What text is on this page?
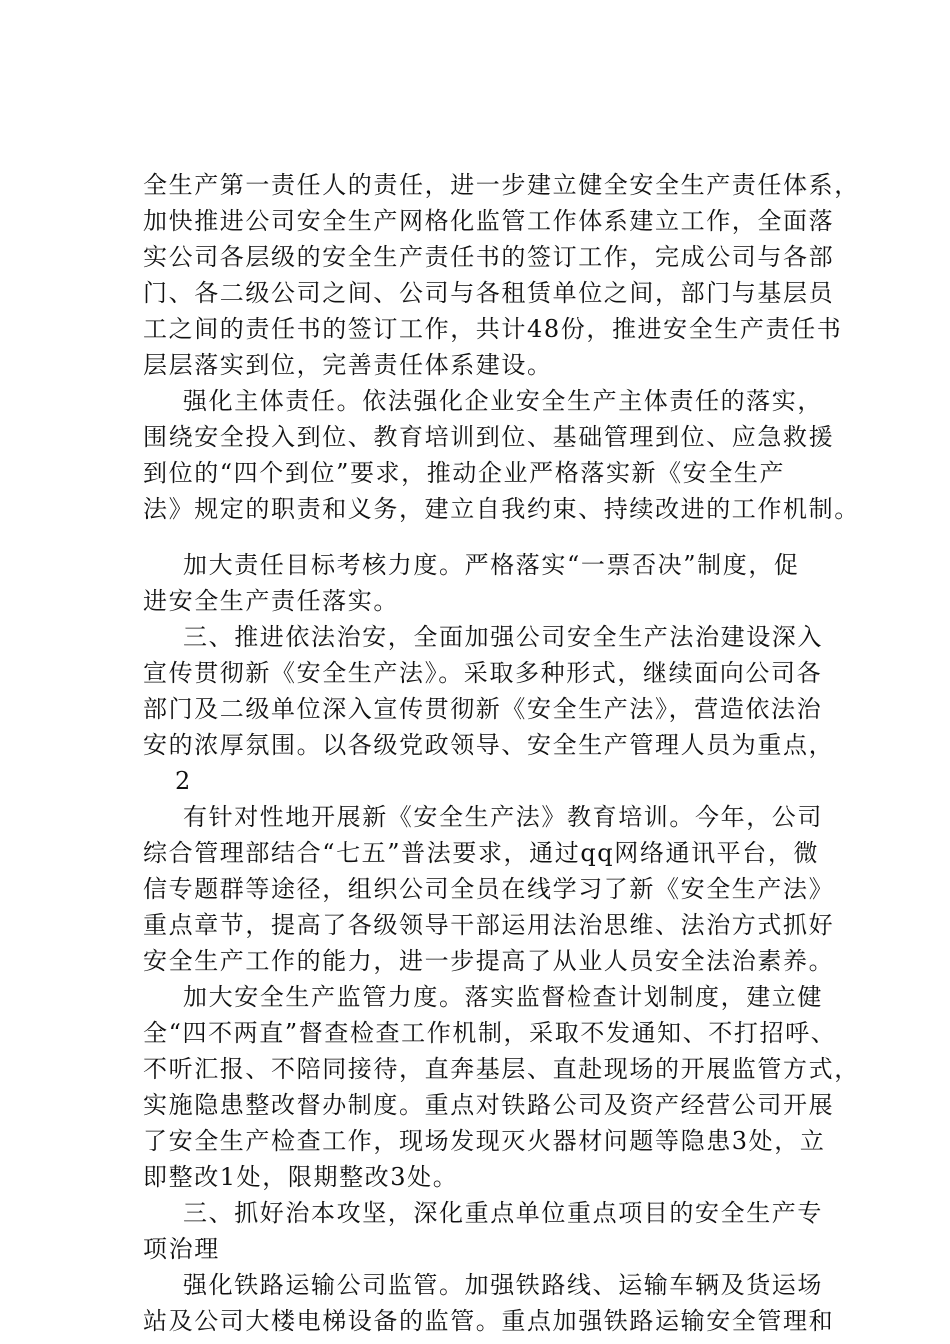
全生产第一责任人的责任，进一步建立健全安全生产责任体系，
加快推进公司安全生产网格化监管工作体系建立工作，全面落
实公司各层级的安全生产责任书的签订工作，完成公司与各部
门、各二级公司之间、公司与各租赁单位之间，部门与基层员
工之间的责任书的签订工作，共计48份，推进安全生产责任书
层层落实到位，完善责任体系建设。
强化主体责任。依法强化企业安全生产主体责任的落实，
围绕安全投入到位、教育培训到位、基础管理到位、应急救援
到位的“四个到位”要求，推动企业严格落实新《安全生产
法》规定的职责和义务，建立自我约束、持续改进的工作机制。
加大责任目标考核力度。严格落实“一票否决”制度，促
进安全生产责任落实。
三、推进依法治安，全面加强公司安全生产法治建设深入
宣传贯彻新《安全生产法》。采取多种形式，继续面向公司各
部门及二级单位深入宣传贯彻新《安全生产法》，营造依法治
安的浓厚氛围。以各级党政领导、安全生产管理人员为重点，
2
有针对性地开展新《安全生产法》教育培训。今年，公司
综合管理部结合“七五”普法要求，通过qq网络通讯平台，微
信专题群等途径，组织公司全员在线学习了新《安全生产法》
重点章节，提高了各级领导干部运用法治思维、法治方式抓好
安全生产工作的能力，进一步提高了从业人员安全法治素养。
加大安全生产监管力度。落实监督检查计划制度，建立健
全“四不两直”督查检查工作机制，采取不发通知、不打招呼、
不听汇报、不陪同接待，直奔基层、直赴现场的开展监管方式，
实施隐患整改督办制度。重点对铁路公司及资产经营公司开展
了安全生产检查工作，现场发现灭火器材问题等隐患3处，立
即整改1处，限期整改3处。
三、抓好治本攻坚，深化重点单位重点项目的安全生产专
项治理
强化铁路运输公司监管。加强铁路线、运输车辆及货运场
站及公司大楼电梯设备的监管。重点加强铁路运输安全管理和
